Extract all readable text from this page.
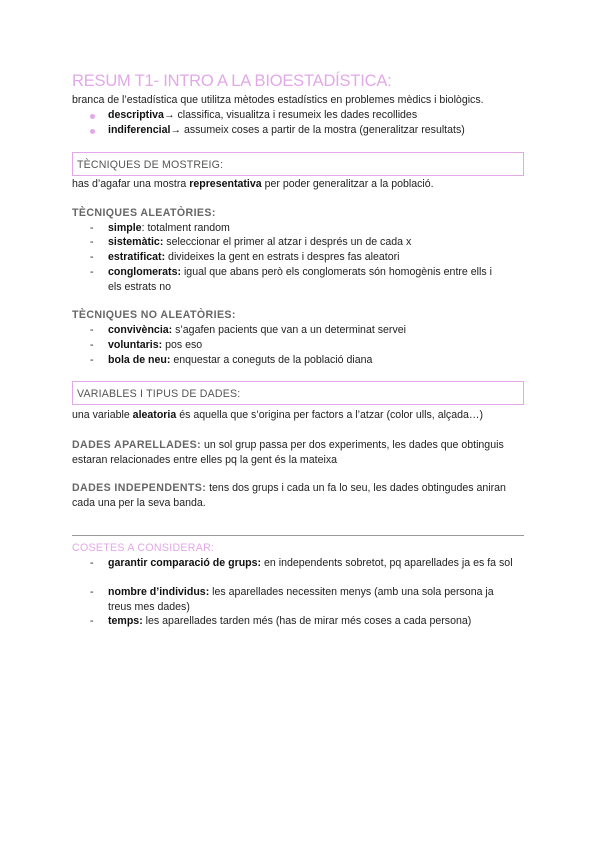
RESUM T1- INTRO A LA BIOESTADÍSTICA:
branca de l’estadística que utilitza mètodes estadístics en problemes mèdics i biològics.
descriptiva→ classifica, visualitza i resumeix les dades recollides
indiferencial→ assumeix coses a partir de la mostra (generalitzar resultats)
TÈCNIQUES DE MOSTREIG:
has d’agafar una mostra representativa per poder generalitzar a la població.
TÈCNIQUES ALEATÒRIES:
- simple: totalment random
- sistemàtic: seleccionar el primer al atzar i després un de cada x
- estratificat: divideixes la gent en estrats i despres fas aleatori
- conglomerats: igual que abans però els conglomerats són homogènis entre ells i els estrats no
TÈCNIQUES NO ALEATÒRIES:
- convivència: s’agafen pacients que van a un determinat servei
- voluntaris: pos eso
- bola de neu: enquestar a coneguts de la població diana
VARIABLES I TIPUS DE DADES:
una variable aleatoria és aquella que s’origina per factors a l’atzar (color ulls, alçada…)
DADES APARELLADES: un sol grup passa per dos experiments, les dades que obtinguis estaran relacionades entre elles pq la gent és la mateixa
DADES INDEPENDENTS: tens dos grups i cada un fa lo seu, les dades obtingudes aniran cada una per la seva banda.
COSETES A CONSIDERAR:
- garantir comparació de grups: en independents sobretot, pq aparellades ja es fa sol
- nombre d’individus: les aparellades necessiten menys (amb una sola persona ja treus mes dades)
- temps: les aparellades tarden més (has de mirar més coses a cada persona)
